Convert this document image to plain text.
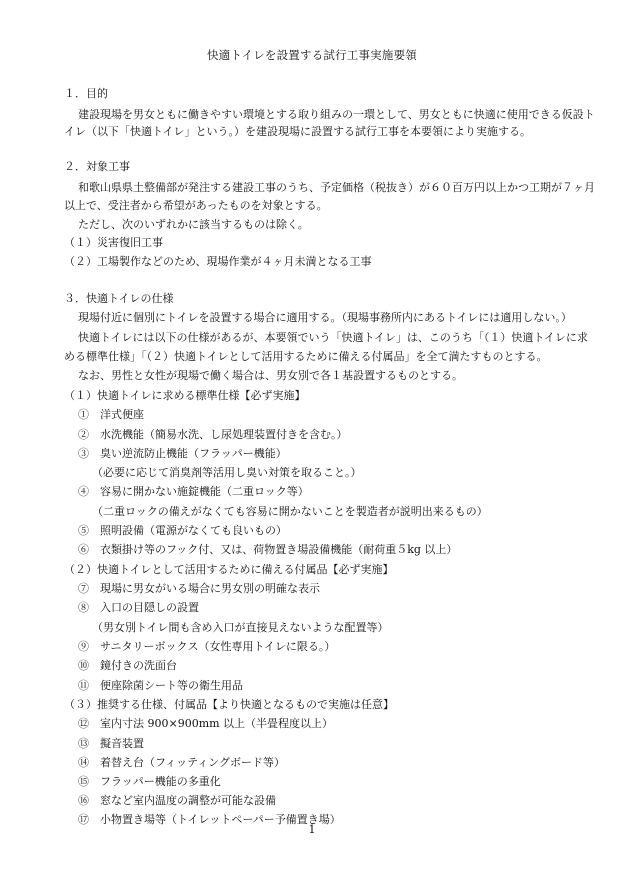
快適トイレを設置する試行工事実施要領
１．目的
建設現場を男女ともに働きやすい環境とする取り組みの一環として、男女ともに快適に使用できる仮設ト
イレ（以下「快適トイレ」という。）を建設現場に設置する試行工事を本要領により実施する。
２．対象工事
和歌山県県土整備部が発注する建設工事のうち、予定価格（税抜き）が６０百万円以上かつ工期が７ヶ月
以上で、受注者から希望があったものを対象とする。
ただし、次のいずれかに該当するものは除く。
（１）災害復旧工事
（２）工場製作などのため、現場作業が４ヶ月未満となる工事
３．快適トイレの仕様
現場付近に個別にトイレを設置する場合に適用する。（現場事務所内にあるトイレには適用しない。）
快適トイレには以下の仕様があるが、本要領でいう「快適トイレ」は、このうち「（１）快適トイレに求
める標準仕様」「（２）快適トイレとして活用するために備える付属品」を全て満たすものとする。
なお、男性と女性が現場で働く場合は、男女別で各１基設置するものとする。
（１）快適トイレに求める標準仕様【必ず実施】
①　洋式便座
②　水洗機能（簡易水洗、し尿処理装置付きを含む。）
③　臭い逆流防止機能（フラッパー機能）
（必要に応じて消臭剤等活用し臭い対策を取ること。）
④　容易に開かない施錠機能（二重ロック等）
（二重ロックの備えがなくても容易に開かないことを製造者が説明出来るもの）
⑤　照明設備（電源がなくても良いもの）
⑥　衣類掛け等のフック付、又は、荷物置き場設備機能（耐荷重５kg 以上）
（２）快適トイレとして活用するために備える付属品【必ず実施】
⑦　現場に男女がいる場合に男女別の明確な表示
⑧　入口の目隠しの設置
（男女別トイレ間も含め入口が直接見えないような配置等）
⑨　サニタリーボックス（女性専用トイレに限る。）
⑩　鏡付きの洗面台
⑪　便座除菌シート等の衛生用品
（３）推奨する仕様、付属品【より快適となるもので実施は任意】
⑫　室内寸法 900×900mm 以上（半畳程度以上）
⑬　擬音装置
⑭　着替え台（フィッティングボード等）
⑮　フラッパー機能の多重化
⑯　窓など室内温度の調整が可能な設備
⑰　小物置き場等（トイレットペーパー予備置き場）
1
